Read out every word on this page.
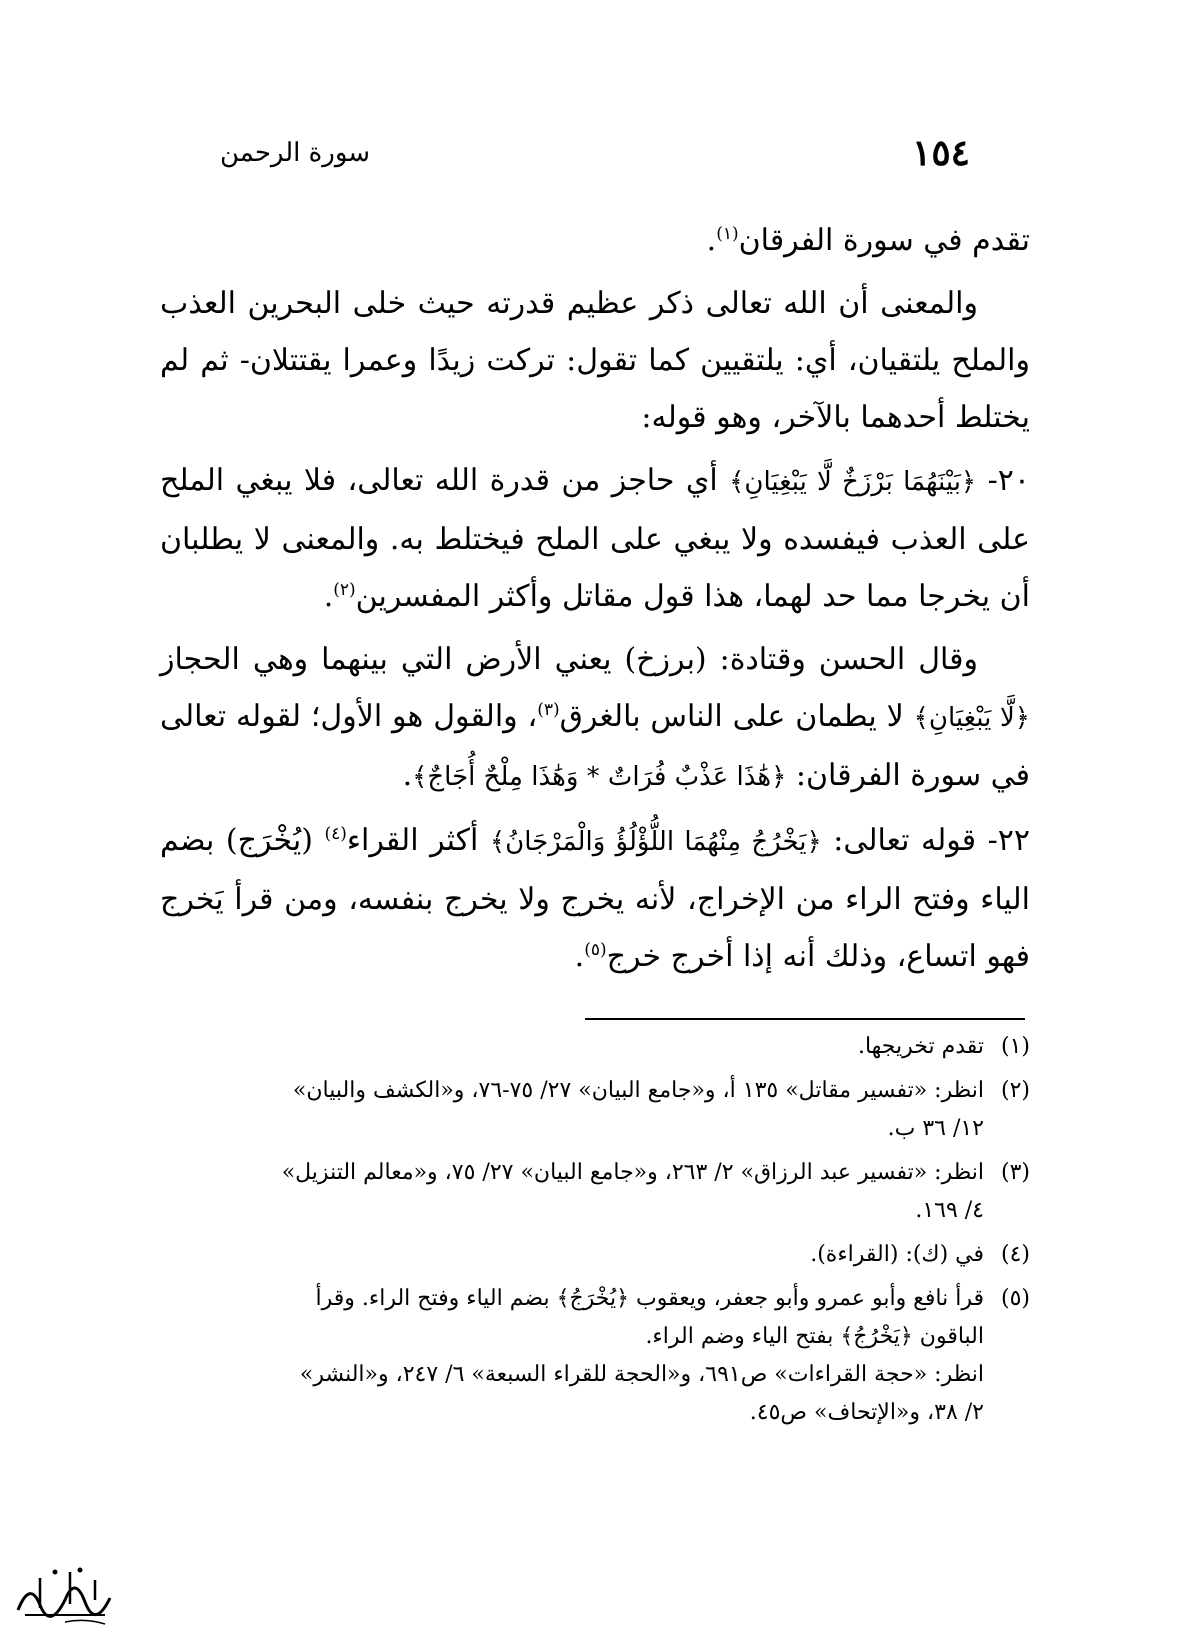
١٥٤
سورة الرحمن

تقدم في سورة الفرقان$^{(١)}$.

والمعنى أن الله تعالى ذكر عظيم قدرته حيث خلى البحرين العذب والملح يلتقيان، أي: يلتقيين كما تقول: تركت زيدًا وعمرا يقتتلان- ثم لم يختلط أحدهما بالآخر، وهو قوله:

٢٠- ﴿بَيْنَهُمَا بَرْزَخٌ لَّا يَبْغِيَانِ﴾ أي حاجز من قدرة الله تعالى، فلا يبغي الملح على العذب فيفسده ولا يبغي على الملح فيختلط به. والمعنى لا يطلبان أن يخرجا مما حد لهما، هذا قول مقاتل وأكثر المفسرين$^{(٢)}$.

وقال الحسن وقتادة: (برزخ) يعني الأرض التي بينهما وهي الحجاز ﴿لَّا يَبْغِيَانِ﴾ لا يطمان على الناس بالغرق$^{(٣)}$، والقول هو الأول؛ لقوله تعالى في سورة الفرقان: ﴿هَٰذَا عَذْبٌ فُرَاتٌ * وَهَٰذَا مِلْحٌ أُجَاجٌ﴾.

٢٢- قوله تعالى: ﴿يَخْرُجُ مِنْهُمَا اللُّؤْلُؤُ وَالْمَرْجَانُ﴾ أكثر القراء$^{(٤)}$ (يُخْرَج) بضم الياء وفتح الراء من الإخراج، لأنه يخرج ولا يخرج بنفسه، ومن قرأ يَخرج فهو اتساع، وذلك أنه إذا أخرج خرج$^{(٥)}$.

(١)
تقدم تخريجها.
(٢)
انظر: «تفسير مقاتل» ١٣٥ أ، و«جامع البيان» ٢٧/ ٧٥-٧٦، و«الكشف والبيان»
١٢/ ٣٦ ب.
(٣)
انظر: «تفسير عبد الرزاق» ٢/ ٢٦٣، و«جامع البيان» ٢٧/ ٧٥، و«معالم التنزيل»
٤/ ١٦٩.
(٤)
في (ك): (القراءة).
(٥)
قرأ نافع وأبو عمرو وأبو جعفر، ويعقوب ﴿يُخْرَجُ﴾ بضم الياء وفتح الراء. وقرأ
الباقون ﴿يَخْرُجُ﴾ بفتح الياء وضم الراء.
انظر: «حجة القراءات» ص٦٩١، و«الحجة للقراء السبعة» ٦/ ٢٤٧، و«النشر»
٢/ ٣٨، و«الإتحاف» ص٤٥.
